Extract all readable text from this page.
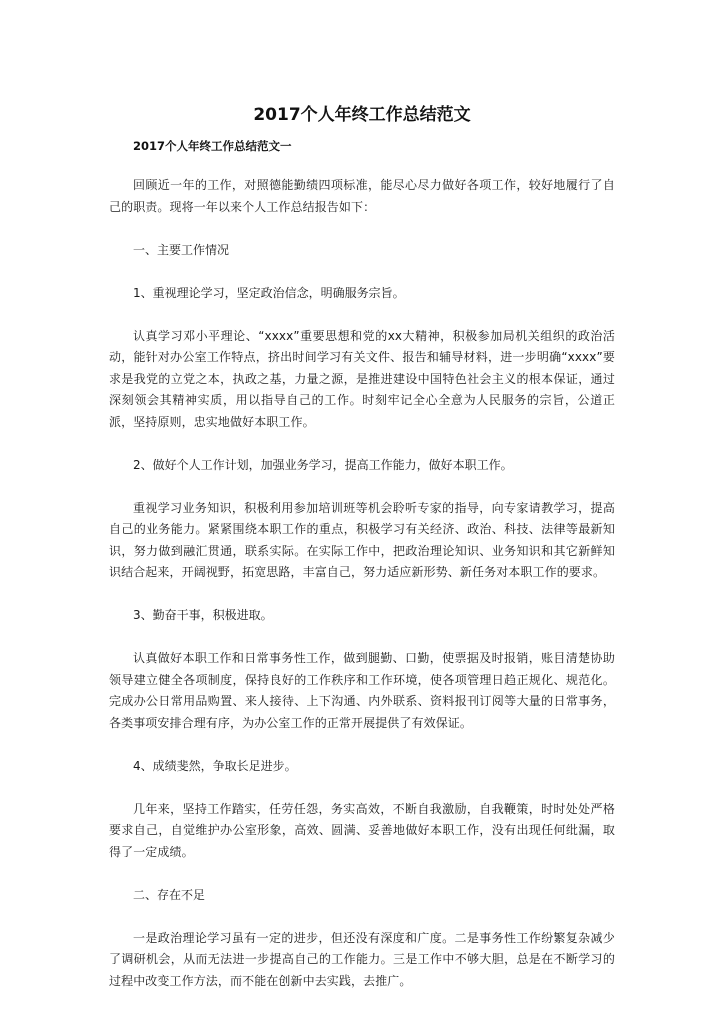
2017个人年终工作总结范文
2017个人年终工作总结范文一

回顾近一年的工作，对照德能勤绩四项标准，能尽心尽力做好各项工作，较好地履行了自己的职责。现将一年以来个人工作总结报告如下：

一、主要工作情况

1、重视理论学习，坚定政治信念，明确服务宗旨。

认真学习邓小平理论、“xxxx”重要思想和党的xx大精神，积极参加局机关组织的政治活动，能针对办公室工作特点，挤出时间学习有关文件、报告和辅导材料，进一步明确“xxxx”要求是我党的立党之本，执政之基，力量之源，是推进建设中国特色社会主义的根本保证，通过深刻领会其精神实质，用以指导自己的工作。时刻牢记全心全意为人民服务的宗旨，公道正派，坚持原则，忠实地做好本职工作。

2、做好个人工作计划，加强业务学习，提高工作能力，做好本职工作。

重视学习业务知识，积极利用参加培训班等机会聆听专家的指导，向专家请教学习，提高自己的业务能力。紧紧围绕本职工作的重点，积极学习有关经济、政治、科技、法律等最新知识，努力做到融汇贯通，联系实际。在实际工作中，把政治理论知识、业务知识和其它新鲜知识结合起来，开阔视野，拓宽思路，丰富自己，努力适应新形势、新任务对本职工作的要求。

3、勤奋干事，积极进取。

认真做好本职工作和日常事务性工作，做到腿勤、口勤，使票据及时报销，账目清楚协助领导建立健全各项制度，保持良好的工作秩序和工作环境，使各项管理日趋正规化、规范化。完成办公日常用品购置、来人接待、上下沟通、内外联系、资料报刊订阅等大量的日常事务，各类事项安排合理有序，为办公室工作的正常开展提供了有效保证。

4、成绩斐然，争取长足进步。

几年来，坚持工作踏实，任劳任怨，务实高效，不断自我激励，自我鞭策，时时处处严格要求自己，自觉维护办公室形象，高效、圆满、妥善地做好本职工作，没有出现任何纰漏，取得了一定成绩。

二、存在不足

一是政治理论学习虽有一定的进步，但还没有深度和广度。二是事务性工作纷繁复杂减少了调研机会，从而无法进一步提高自己的工作能力。三是工作中不够大胆，总是在不断学习的过程中改变工作方法，而不能在创新中去实践，去推广。
